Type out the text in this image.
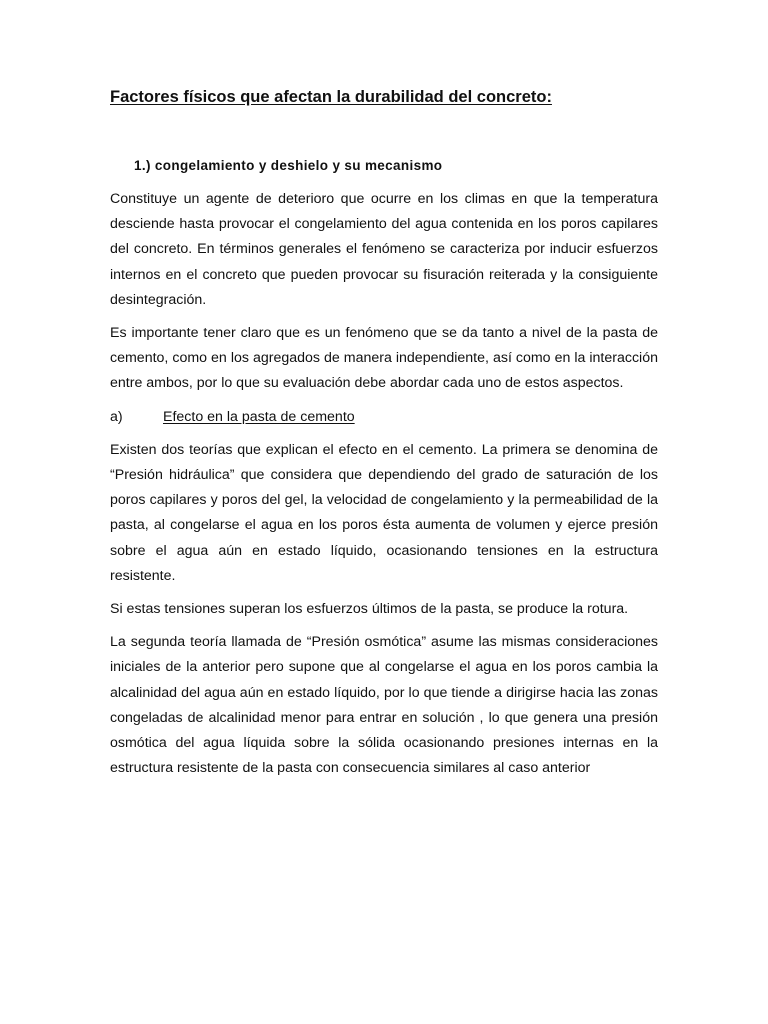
Factores físicos que afectan la durabilidad del concreto:
1.) congelamiento y deshielo y su mecanismo

Constituye un agente de deterioro que ocurre en los climas en que la temperatura desciende hasta provocar el congelamiento del agua contenida en los poros capilares del concreto. En términos generales el fenómeno se caracteriza por inducir esfuerzos internos en el concreto que pueden provocar su fisuración reiterada y la consiguiente desintegración.

Es importante tener claro que es un fenómeno que se da tanto a nivel de la pasta de cemento, como en los agregados de manera independiente, así como en la interacción entre ambos, por lo que su evaluación debe abordar cada uno de estos aspectos.

a)	Efecto en la pasta de cemento

Existen dos teorías que explican el efecto en el cemento. La primera se denomina de “Presión hidráulica” que considera que dependiendo del grado de saturación de los poros capilares y poros del gel, la velocidad de congelamiento y la permeabilidad de la pasta, al congelarse el agua en los poros ésta aumenta de volumen y ejerce presión sobre el agua aún en estado líquido, ocasionando tensiones en la estructura resistente.

Si estas tensiones superan los esfuerzos últimos de la pasta, se produce la rotura.

La segunda teoría llamada de “Presión osmótica” asume las mismas consideraciones iniciales de la anterior pero supone que al congelarse el agua en los poros cambia la alcalinidad del agua aún en estado líquido, por lo que tiende a dirigirse hacia las zonas congeladas de alcalinidad menor para entrar en solución , lo que genera una presión osmótica del agua líquida sobre la sólida ocasionando presiones internas en la estructura resistente de la pasta con consecuencia similares al caso anterior
